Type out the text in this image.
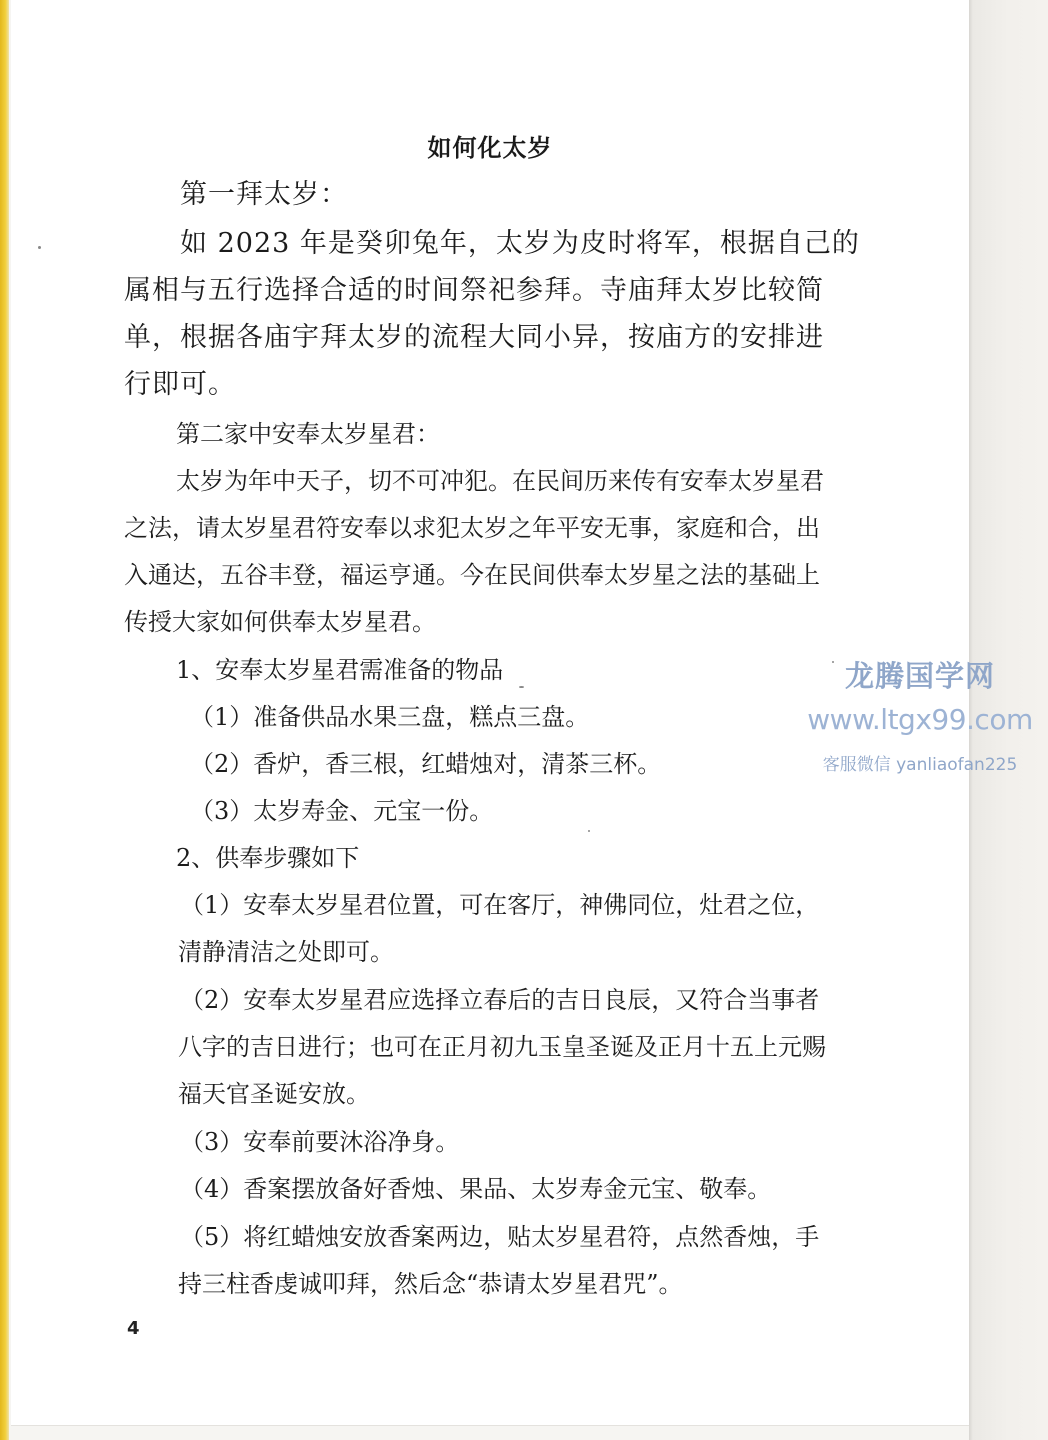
如何化太岁
第一拜太岁：
如 2023 年是癸卯兔年，太岁为皮时将军，根据自己的
属相与五行选择合适的时间祭祀参拜。寺庙拜太岁比较简
单，根据各庙宇拜太岁的流程大同小异，按庙方的安排进
行即可。
第二家中安奉太岁星君：
太岁为年中天子，切不可冲犯。在民间历来传有安奉太岁星君
之法，请太岁星君符安奉以求犯太岁之年平安无事，家庭和合，出
入通达，五谷丰登，福运亨通。今在民间供奉太岁星之法的基础上
传授大家如何供奉太岁星君。
1、安奉太岁星君需准备的物品
（1）准备供品水果三盘，糕点三盘。
（2）香炉，香三根，红蜡烛对，清茶三杯。
（3）太岁寿金、元宝一份。
2、供奉步骤如下
（1）安奉太岁星君位置，可在客厅，神佛同位，灶君之位，
清静清洁之处即可。
（2）安奉太岁星君应选择立春后的吉日良辰，又符合当事者
八字的吉日进行；也可在正月初九玉皇圣诞及正月十五上元赐
福天官圣诞安放。
（3）安奉前要沐浴净身。
（4）香案摆放备好香烛、果品、太岁寿金元宝、敬奉。
（5）将红蜡烛安放香案两边，贴太岁星君符，点然香烛，手
持三柱香虔诚叩拜，然后念“恭请太岁星君咒”。
4
龙腾国学网
www.ltgx99.com
客服微信 yanliaofan225
